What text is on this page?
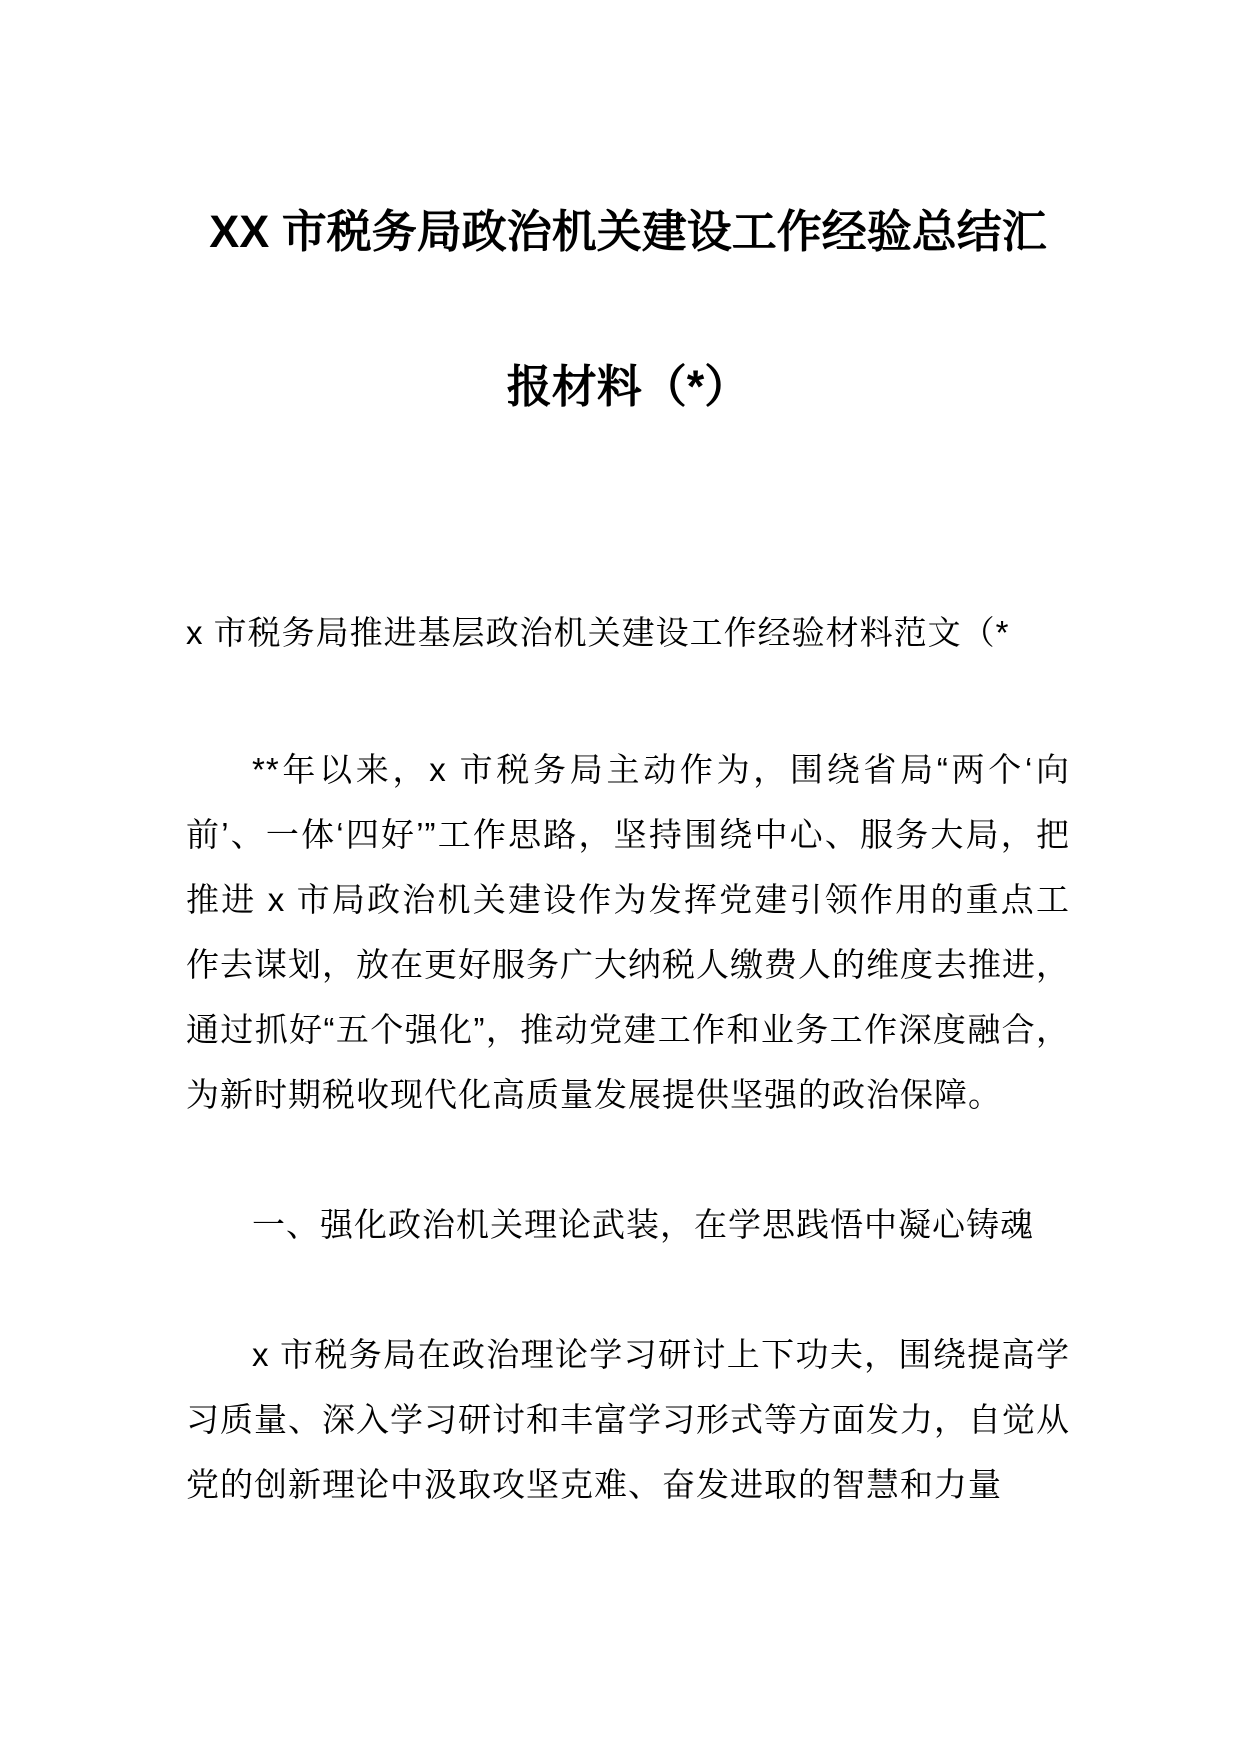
XX 市税务局政治机关建设工作经验总结汇报材料（*）

x 市税务局推进基层政治机关建设工作经验材料范文（*

**年以来，x 市税务局主动作为，围绕省局“两个‘向前’、一体‘四好’”工作思路，坚持围绕中心、服务大局，把推进 x 市局政治机关建设作为发挥党建引领作用的重点工作去谋划，放在更好服务广大纳税人缴费人的维度去推进，通过抓好“五个强化”，推动党建工作和业务工作深度融合，为新时期税收现代化高质量发展提供坚强的政治保障。

一、强化政治机关理论武装，在学思践悟中凝心铸魂

x 市税务局在政治理论学习研讨上下功夫，围绕提高学习质量、深入学习研讨和丰富学习形式等方面发力，自觉从党的创新理论中汲取攻坚克难、奋发进取的智慧和力量
